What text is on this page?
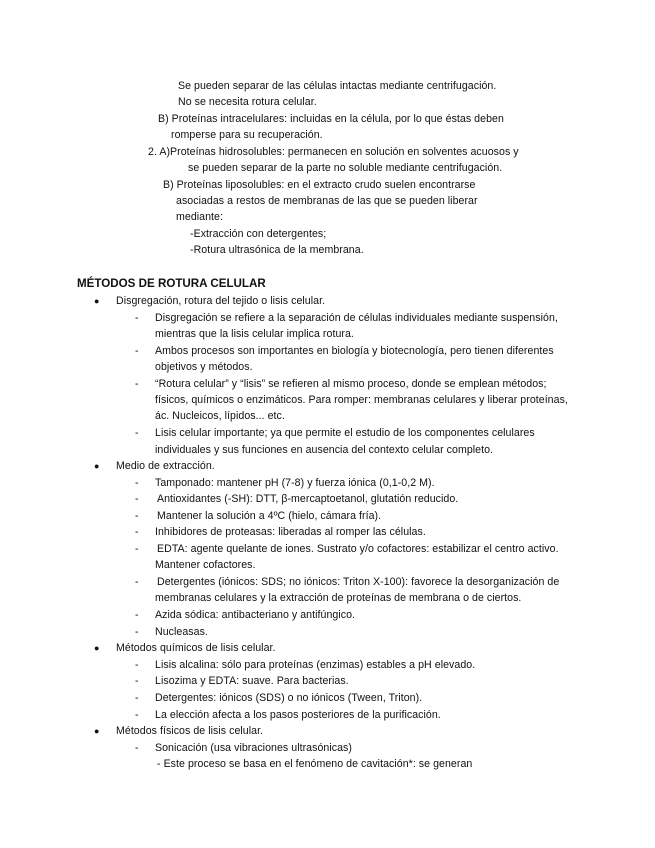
Se pueden separar de las células intactas mediante centrifugación.
No se necesita rotura celular.
B) Proteínas intracelulares: incluidas en la célula, por lo que éstas deben
romperse para su recuperación.
2. A)Proteínas hidrosolubles: permanecen en solución en solventes acuosos y
se pueden separar de la parte no soluble mediante centrifugación.
B) Proteínas liposolubles: en el extracto crudo suelen encontrarse
asociadas a restos de membranas de las que se pueden liberar
mediante:
-Extracción con detergentes;
-Rotura ultrasónica de la membrana.
MÉTODOS DE ROTURA CELULAR
● Disgregación, rotura del tejido o lisis celular.
- Disgregación se refiere a la separación de células individuales mediante suspensión,
mientras que la lisis celular implica rotura.
- Ambos procesos son importantes en biología y biotecnología, pero tienen diferentes
objetivos y métodos.
- “Rotura celular” y “lisis” se refieren al mismo proceso, donde se emplean métodos;
físicos, químicos o enzimáticos. Para romper: membranas celulares y liberar proteínas,
ác. Nucleicos, lípidos... etc.
- Lisis celular importante; ya que permite el estudio de los componentes celulares
individuales y sus funciones en ausencia del contexto celular completo.
● Medio de extracción.
- Tamponado: mantener pH (7-8) y fuerza iónica (0,1-0,2 M).
- Antioxidantes (-SH): DTT, β-mercaptoetanol, glutatión reducido.
- Mantener la solución a 4ºC (hielo, cámara fría).
- Inhibidores de proteasas: liberadas al romper las células.
- EDTA: agente quelante de iones. Sustrato y/o cofactores: estabilizar el centro activo.
Mantener cofactores.
- Detergentes (iónicos: SDS; no iónicos: Triton X-100): favorece la desorganización de
membranas celulares y la extracción de proteínas de membrana o de ciertos.
- Azida sódica: antibacteriano y antifúngico.
- Nucleasas.
● Métodos químicos de lisis celular.
- Lisis alcalina: sólo para proteínas (enzimas) estables a pH elevado.
- Lisozima y EDTA: suave. Para bacterias.
- Detergentes: iónicos (SDS) o no iónicos (Tween, Triton).
- La elección afecta a los pasos posteriores de la purificación.
● Métodos físicos de lisis celular.
- Sonicación (usa vibraciones ultrasónicas)
- Este proceso se basa en el fenómeno de cavitación*: se generan
